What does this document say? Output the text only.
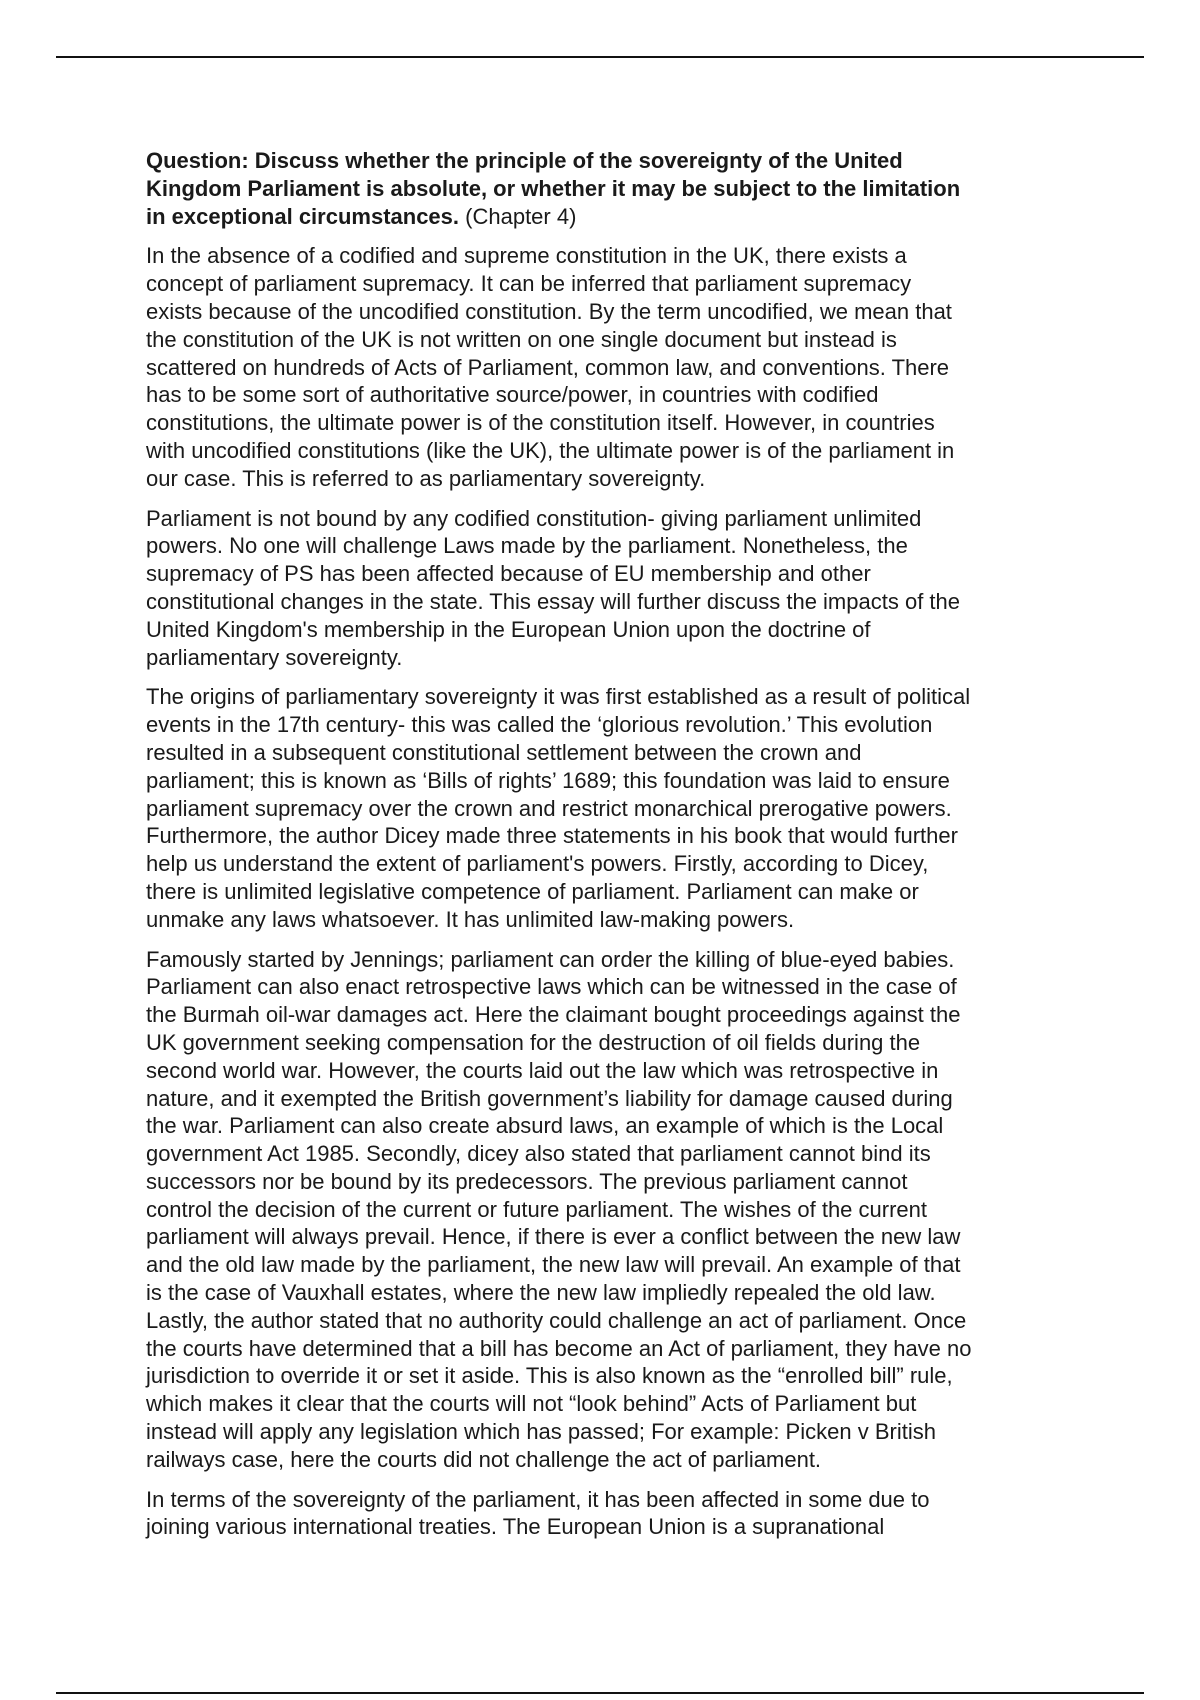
Question: Discuss whether the principle of the sovereignty of the United
Kingdom Parliament is absolute, or whether it may be subject to the limitation
in exceptional circumstances. (Chapter 4)

In the absence of a codified and supreme constitution in the UK, there exists a
concept of parliament supremacy. It can be inferred that parliament supremacy
exists because of the uncodified constitution. By the term uncodified, we mean that
the constitution of the UK is not written on one single document but instead is
scattered on hundreds of Acts of Parliament, common law, and conventions. There
has to be some sort of authoritative source/power, in countries with codified
constitutions, the ultimate power is of the constitution itself. However, in countries
with uncodified constitutions (like the UK), the ultimate power is of the parliament in
our case. This is referred to as parliamentary sovereignty.

Parliament is not bound by any codified constitution- giving parliament unlimited
powers. No one will challenge Laws made by the parliament. Nonetheless, the
supremacy of PS has been affected because of EU membership and other
constitutional changes in the state. This essay will further discuss the impacts of the
United Kingdom's membership in the European Union upon the doctrine of
parliamentary sovereignty.

The origins of parliamentary sovereignty it was first established as a result of political
events in the 17th century- this was called the ‘glorious revolution.’ This evolution
resulted in a subsequent constitutional settlement between the crown and
parliament; this is known as ‘Bills of rights’ 1689; this foundation was laid to ensure
parliament supremacy over the crown and restrict monarchical prerogative powers.
Furthermore, the author Dicey made three statements in his book that would further
help us understand the extent of parliament's powers. Firstly, according to Dicey,
there is unlimited legislative competence of parliament. Parliament can make or
unmake any laws whatsoever. It has unlimited law-making powers.

Famously started by Jennings; parliament can order the killing of blue-eyed babies.
Parliament can also enact retrospective laws which can be witnessed in the case of
the Burmah oil-war damages act. Here the claimant bought proceedings against the
UK government seeking compensation for the destruction of oil fields during the
second world war. However, the courts laid out the law which was retrospective in
nature, and it exempted the British government’s liability for damage caused during
the war. Parliament can also create absurd laws, an example of which is the Local
government Act 1985. Secondly, dicey also stated that parliament cannot bind its
successors nor be bound by its predecessors. The previous parliament cannot
control the decision of the current or future parliament. The wishes of the current
parliament will always prevail. Hence, if there is ever a conflict between the new law
and the old law made by the parliament, the new law will prevail. An example of that
is the case of Vauxhall estates, where the new law impliedly repealed the old law.
Lastly, the author stated that no authority could challenge an act of parliament. Once
the courts have determined that a bill has become an Act of parliament, they have no
jurisdiction to override it or set it aside. This is also known as the “enrolled bill” rule,
which makes it clear that the courts will not “look behind” Acts of Parliament but
instead will apply any legislation which has passed; For example: Picken v British
railways case, here the courts did not challenge the act of parliament.

In terms of the sovereignty of the parliament, it has been affected in some due to
joining various international treaties. The European Union is a supranational
